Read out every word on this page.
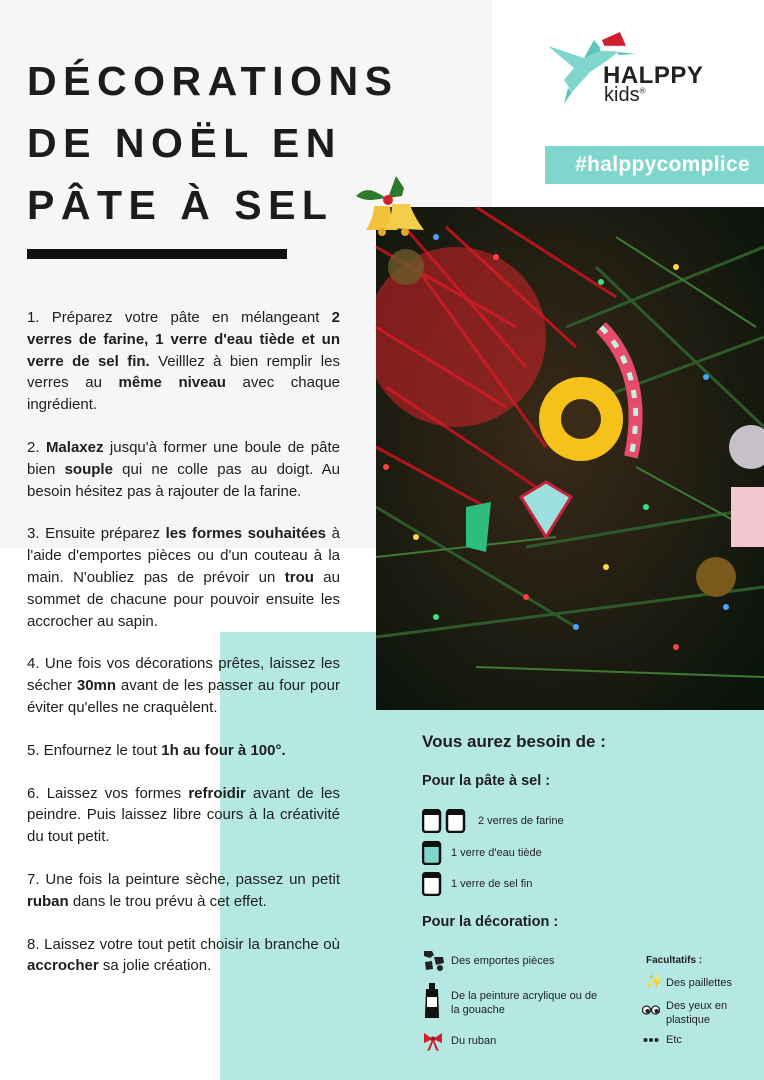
DÉCORATIONS
DE NOËL EN
PÂTE À SEL
HALPPY
kids®
#halppycomplice

1. Préparez votre pâte en mélangeant 2 verres de farine, 1 verre d'eau tiède et un verre de sel fin. Veilllez à bien remplir les verres au même niveau avec chaque ingrédient.

2. Malaxez jusqu'à former une boule de pâte bien souple qui ne colle pas au doigt. Au besoin hésitez pas à rajouter de la farine.

3. Ensuite préparez les formes souhaitées à l'aide d'emportes pièces ou d'un couteau à la main. N'oubliez pas de prévoir un trou au sommet de chacune pour pouvoir ensuite les accrocher au sapin.

4. Une fois vos décorations prêtes, laissez les sécher 30mn avant de les passer au four pour éviter qu'elles ne craquèlent.

5. Enfournez le tout 1h au four à 100°.

6. Laissez vos formes refroidir avant de les peindre. Puis laissez libre cours à la créativité du tout petit.

7. Une fois la peinture sèche, passez un petit ruban dans le trou prévu à cet effet.

8. Laissez votre tout petit choisir la branche où accrocher sa jolie création.

Vous aurez besoin de :
Pour la pâte à sel :
2 verres de farine
1 verre d'eau tiède
1 verre de sel fin
Pour la décoration :
Des emportes pièces
De la peinture acrylique ou de la gouache
Du ruban
Facultatifs :
✨ Des paillettes
Des yeux en plastique
Etc
